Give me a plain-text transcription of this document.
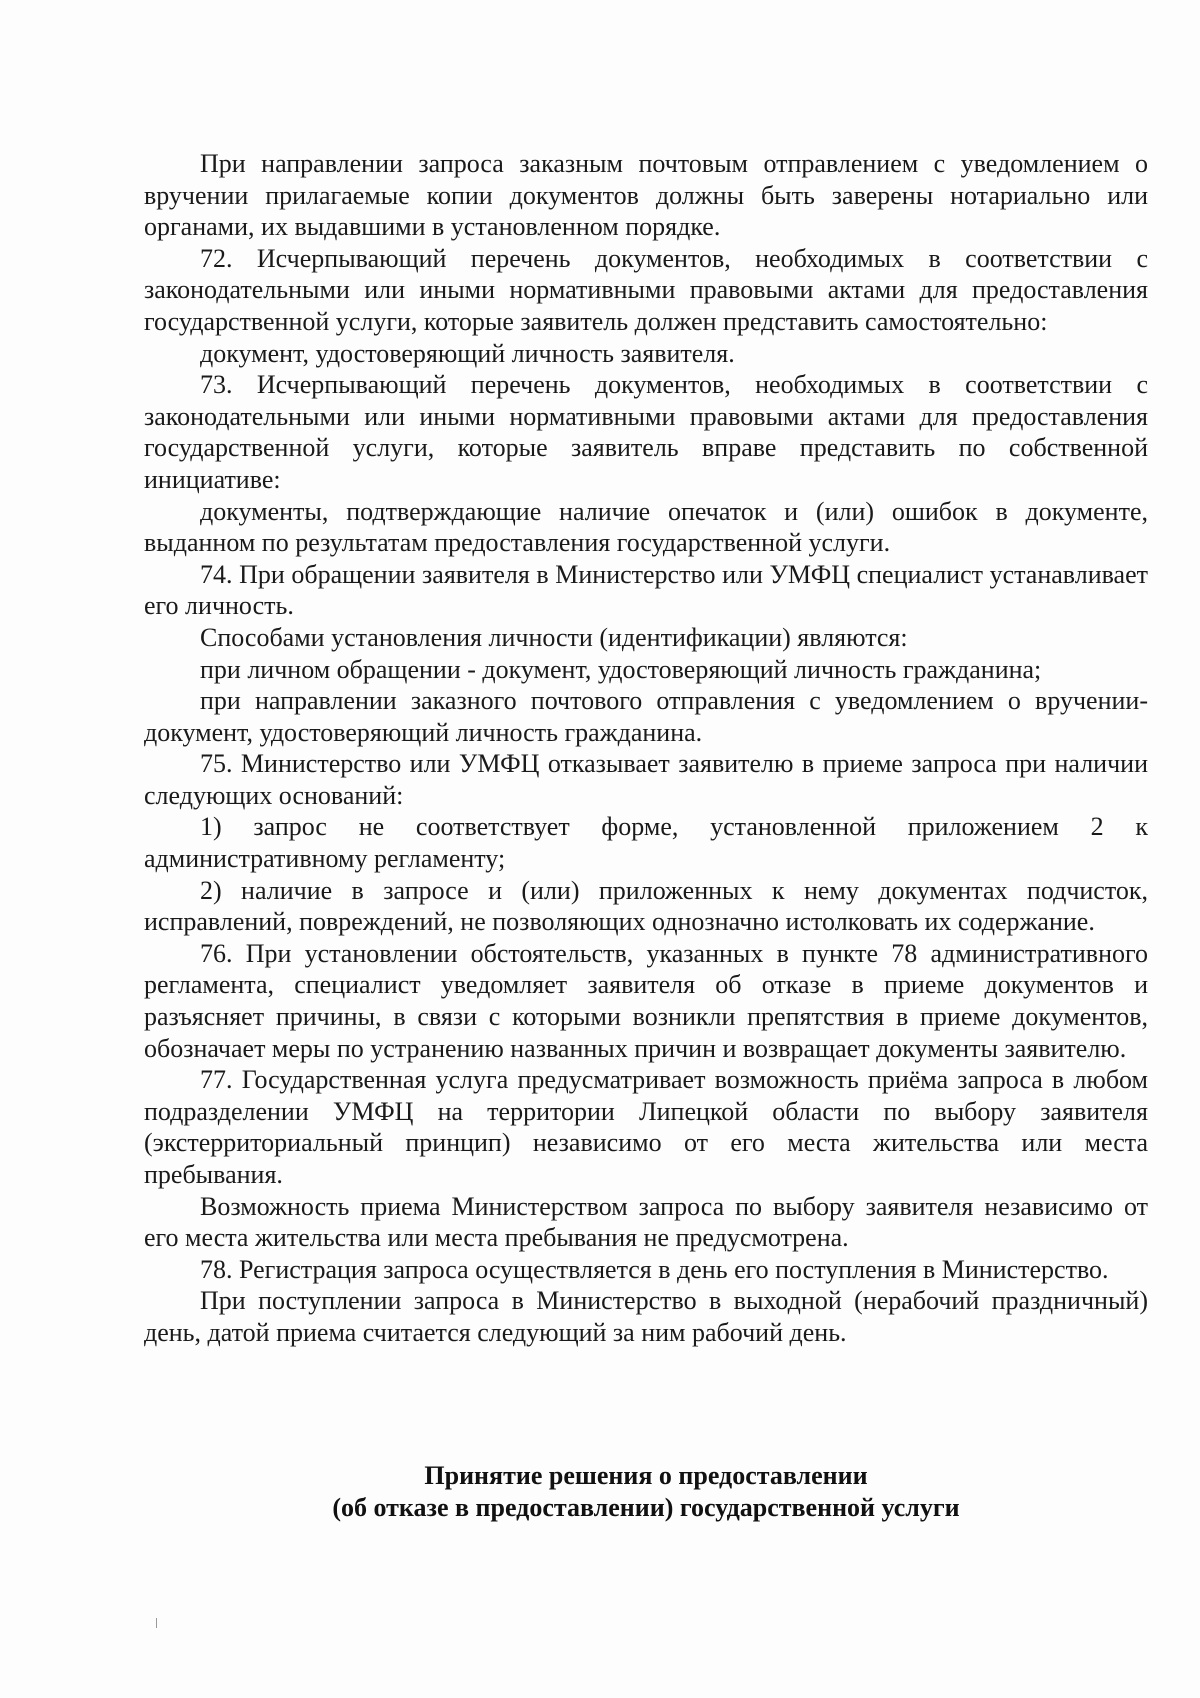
При направлении запроса заказным почтовым отправлением с уведомлением о вручении прилагаемые копии документов должны быть заверены нотариально или органами, их выдавшими в установленном порядке.

72. Исчерпывающий перечень документов, необходимых в соответствии с законодательными или иными нормативными правовыми актами для предоставления государственной услуги, которые заявитель должен представить самостоятельно:

документ, удостоверяющий личность заявителя.

73. Исчерпывающий перечень документов, необходимых в соответствии с законодательными или иными нормативными правовыми актами для предоставления государственной услуги, которые заявитель вправе представить по собственной инициативе:

документы, подтверждающие наличие опечаток и (или) ошибок в документе, выданном по результатам предоставления государственной услуги.

74. При обращении заявителя в Министерство или УМФЦ специалист устанавливает его личность.

Способами установления личности (идентификации) являются:

при личном обращении - документ, удостоверяющий личность гражданина;

при направлении заказного почтового отправления с уведомлением о вручении-документ, удостоверяющий личность гражданина.

75. Министерство или УМФЦ отказывает заявителю в приеме запроса при наличии следующих оснований:

1) запрос не соответствует форме, установленной приложением 2 к административному регламенту;

2) наличие в запросе и (или) приложенных к нему документах подчисток, исправлений, повреждений, не позволяющих однозначно истолковать их содержание.

76. При установлении обстоятельств, указанных в пункте 78 административного регламента, специалист уведомляет заявителя об отказе в приеме документов и разъясняет причины, в связи с которыми возникли препятствия в приеме документов, обозначает меры по устранению названных причин и возвращает документы заявителю.

77. Государственная услуга предусматривает возможность приёма запроса в любом подразделении УМФЦ на территории Липецкой области по выбору заявителя (экстерриториальный принцип) независимо от его места жительства или места пребывания.

Возможность приема Министерством запроса по выбору заявителя независимо от его места жительства или места пребывания не предусмотрена.

78. Регистрация запроса осуществляется в день его поступления в Министерство.

При поступлении запроса в Министерство в выходной (нерабочий праздничный) день, датой приема считается следующий за ним рабочий день.

Принятие решения о предоставлении
(об отказе в предоставлении) государственной услуги
